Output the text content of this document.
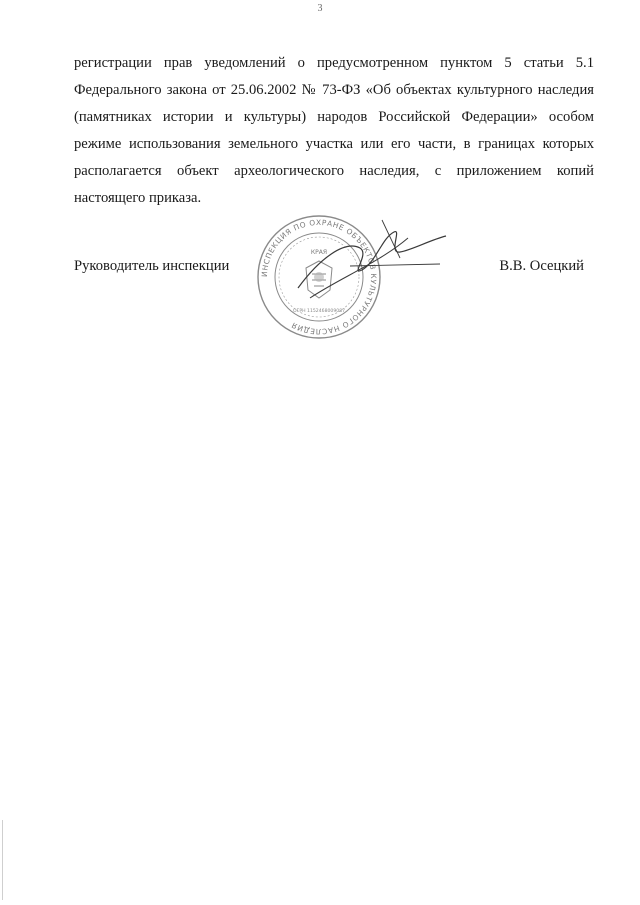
3
регистрации прав уведомлений о предусмотренном пунктом 5 статьи 5.1
Федерального закона от 25.06.2002 № 73-ФЗ «Об объектах культурного наследия
(памятниках истории и культуры) народов Российской Федерации» особом
режиме использования земельного участка или его части, в границах которых
располагается объект археологического наследия, с приложением копий
настоящего приказа.
Руководитель инспекции	В.В. Осецкий
ИНСПЕКЦИЯ ПО ОХРАНЕ ОБЪЕКТОВ КУЛЬТУРНОГО НАСЛЕДИЯ
КРАЯ
ОГРН 1152468009087
